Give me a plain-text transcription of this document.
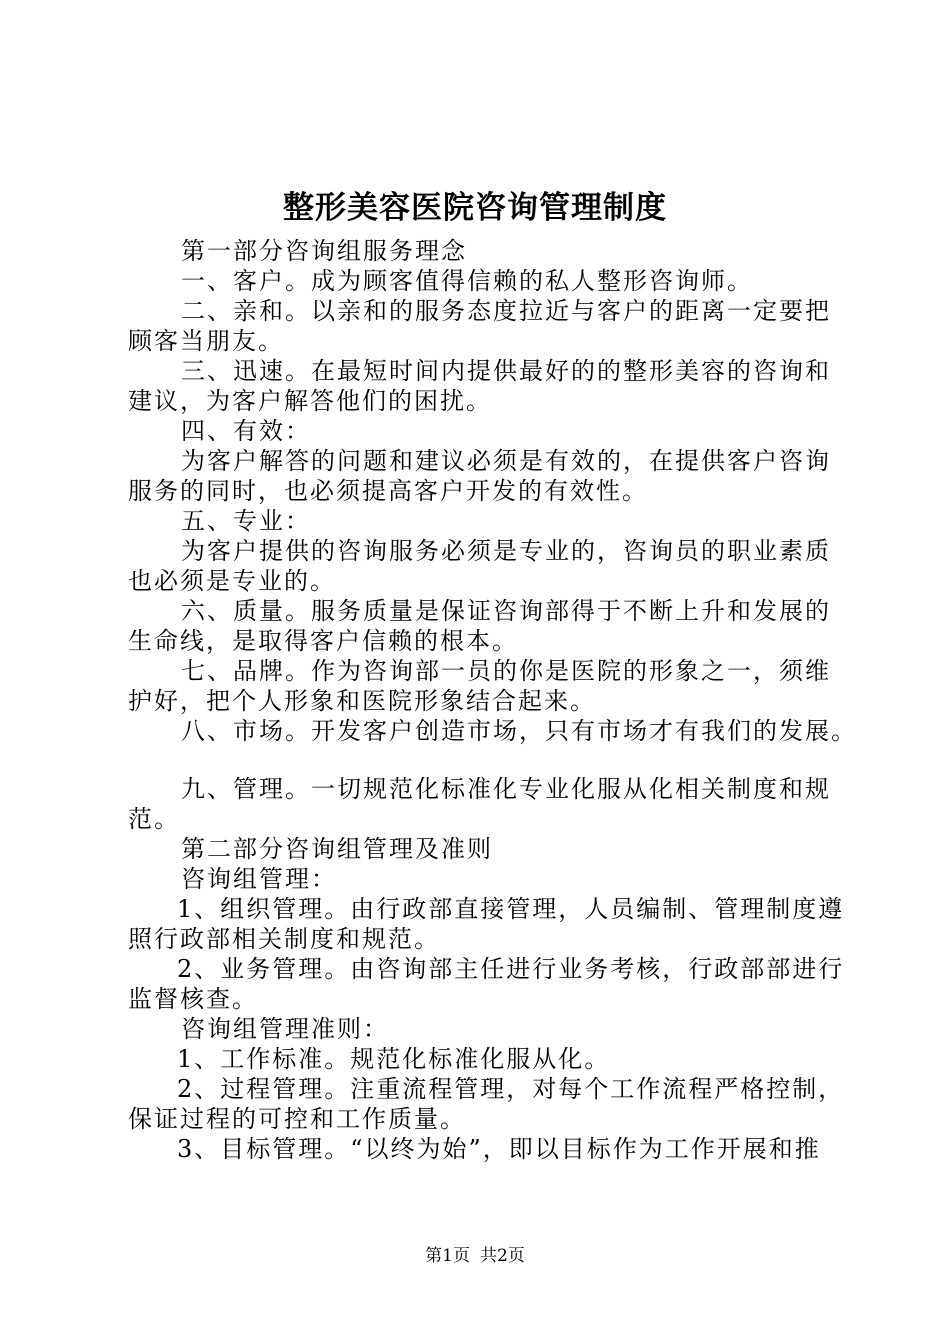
整形美容医院咨询管理制度
第一部分咨询组服务理念
一、客户。成为顾客值得信赖的私人整形咨询师。
二、亲和。以亲和的服务态度拉近与客户的距离一定要把
顾客当朋友。
三、迅速。在最短时间内提供最好的的整形美容的咨询和
建议，为客户解答他们的困扰。
四、有效：
为客户解答的问题和建议必须是有效的，在提供客户咨询
服务的同时，也必须提高客户开发的有效性。
五、专业：
为客户提供的咨询服务必须是专业的，咨询员的职业素质
也必须是专业的。
六、质量。服务质量是保证咨询部得于不断上升和发展的
生命线，是取得客户信赖的根本。
七、品牌。作为咨询部一员的你是医院的形象之一，须维
护好，把个人形象和医院形象结合起来。
八、市场。开发客户创造市场，只有市场才有我们的发展。
九、管理。一切规范化标准化专业化服从化相关制度和规
范。
第二部分咨询组管理及准则
咨询组管理：
1、组织管理。由行政部直接管理，人员编制、管理制度遵
照行政部相关制度和规范。
2、业务管理。由咨询部主任进行业务考核，行政部部进行
监督核查。
咨询组管理准则：
1、工作标准。规范化标准化服从化。
2、过程管理。注重流程管理，对每个工作流程严格控制，
保证过程的可控和工作质量。
3、目标管理。“以终为始”，即以目标作为工作开展和推
第1页 共2页
